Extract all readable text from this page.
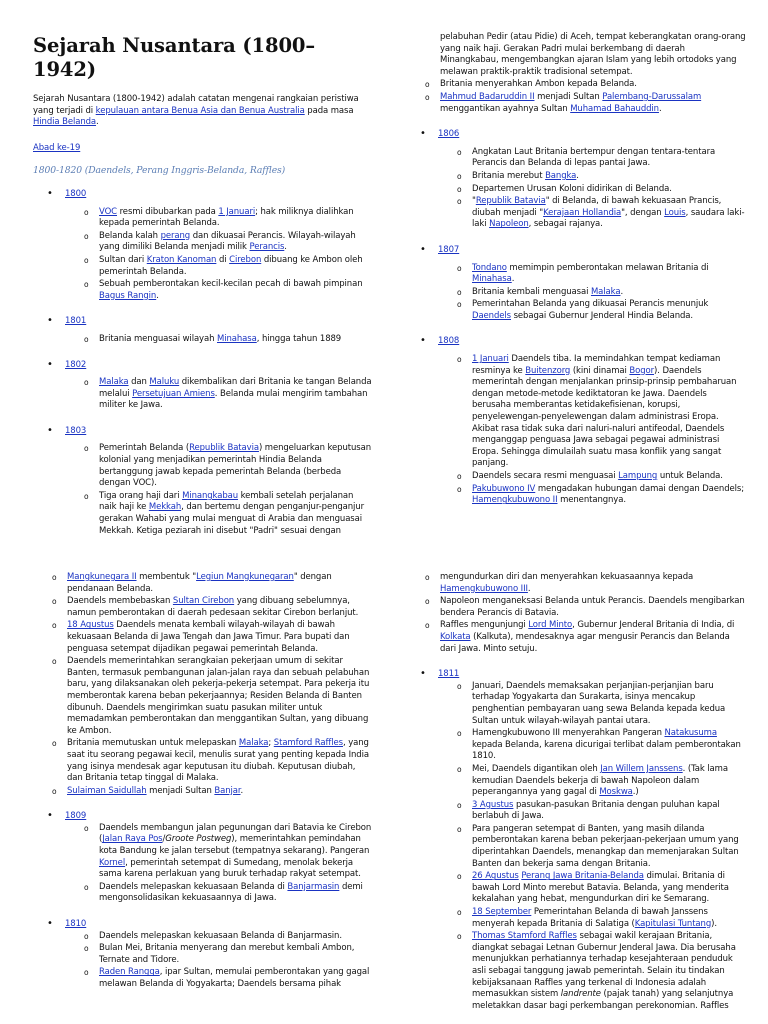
Sejarah Nusantara (1800–1942)

Sejarah Nusantara (1800-1942) adalah catatan mengenai rangkaian peristiwa yang terjadi di kepulauan antara Benua Asia dan Benua Australia pada masa Hindia Belanda.

Abad ke-19
1800-1820 (Daendels, Perang Inggris-Belanda, Raffles)
• 1800
o VOC resmi dibubarkan pada 1 Januari; hak miliknya dialihkan kepada pemerintah Belanda.
o Belanda kalah perang dan dikuasai Perancis. Wilayah-wilayah yang dimiliki Belanda menjadi milik Perancis.
o Sultan dari Kraton Kanoman di Cirebon dibuang ke Ambon oleh pemerintah Belanda.
o Sebuah pemberontakan kecil-kecilan pecah di bawah pimpinan Bagus Rangin.
• 1801
o Britania menguasai wilayah Minahasa, hingga tahun 1889
• 1802
o Malaka dan Maluku dikembalikan dari Britania ke tangan Belanda melalui Persetujuan Amiens. Belanda mulai mengirim tambahan militer ke Jawa.
• 1803
o Pemerintah Belanda (Republik Batavia) mengeluarkan keputusan kolonial yang menjadikan pemerintah Hindia Belanda bertanggung jawab kepada pemerintah Belanda (berbeda dengan VOC).
o Tiga orang haji dari Minangkabau kembali setelah perjalanan naik haji ke Mekkah, dan bertemu dengan penganjur-penganjur gerakan Wahabi yang mulai menguat di Arabia dan menguasai Mekkah. Ketiga peziarah ini disebut "Padri" sesuai dengan
pelabuhan Pedir (atau Pidie) di Aceh, tempat keberangkatan orang-orang yang naik haji. Gerakan Padri mulai berkembang di daerah Minangkabau, mengembangkan ajaran Islam yang lebih ortodoks yang melawan praktik-praktik tradisional setempat.
o Britania menyerahkan Ambon kepada Belanda.
o Mahmud Badaruddin II menjadi Sultan Palembang-Darussalam menggantikan ayahnya Sultan Muhamad Bahauddin.
• 1806
o Angkatan Laut Britania bertempur dengan tentara-tentara Perancis dan Belanda di lepas pantai Jawa.
o Britania merebut Bangka.
o Departemen Urusan Koloni didirikan di Belanda.
o "Republik Batavia" di Belanda, di bawah kekuasaan Prancis, diubah menjadi "Kerajaan Hollandia", dengan Louis, saudara laki-laki Napoleon, sebagai rajanya.
• 1807
o Tondano memimpin pemberontakan melawan Britania di Minahasa.
o Britania kembali menguasai Malaka.
o Pemerintahan Belanda yang dikuasai Perancis menunjuk Daendels sebagai Gubernur Jenderal Hindia Belanda.
• 1808
o 1 Januari Daendels tiba. Ia memindahkan tempat kediaman resminya ke Buitenzorg (kini dinamai Bogor). Daendels memerintah dengan menjalankan prinsip-prinsip pembaharuan dengan metode-metode kediktatoran ke Jawa. Daendels berusaha memberantas ketidakefisienan, korupsi, penyelewengan-penyelewengan dalam administrasi Eropa. Akibat rasa tidak suka dari naluri-naluri antifeodal, Daendels menganggap penguasa Jawa sebagai pegawai administrasi Eropa. Sehingga dimulailah suatu masa konflik yang sangat panjang.
o Daendels secara resmi menguasai Lampung untuk Belanda.
o Pakubuwono IV mengadakan hubungan damai dengan Daendels; Hamengkubuwono II menentangnya.
o Mangkunegara II membentuk "Legiun Mangkunegaran" dengan pendanaan Belanda.
o Daendels membebaskan Sultan Cirebon yang dibuang sebelumnya, namun pemberontakan di daerah pedesaan sekitar Cirebon berlanjut.
o 18 Agustus Daendels menata kembali wilayah-wilayah di bawah kekuasaan Belanda di Jawa Tengah dan Jawa Timur. Para bupati dan penguasa setempat dijadikan pegawai pemerintah Belanda.
o Daendels memerintahkan serangkaian pekerjaan umum di sekitar Banten, termasuk pembangunan jalan-jalan raya dan sebuah pelabuhan baru, yang dilaksanakan oleh pekerja-pekerja setempat. Para pekerja itu memberontak karena beban pekerjaannya; Residen Belanda di Banten dibunuh. Daendels mengirimkan suatu pasukan militer untuk memadamkan pemberontakan dan menggantikan Sultan, yang dibuang ke Ambon.
o Britania memutuskan untuk melepaskan Malaka; Stamford Raffles, yang saat itu seorang pegawai kecil, menulis surat yang penting kepada India yang isinya mendesak agar keputusan itu diubah. Keputusan diubah, dan Britania tetap tinggal di Malaka.
o Sulaiman Saidullah menjadi Sultan Banjar.
• 1809
o Daendels membangun jalan pegunungan dari Batavia ke Cirebon (Jalan Raya Pos/Groote Postweg), memerintahkan pemindahan kota Bandung ke jalan tersebut (tempatnya sekarang). Pangeran Kornel, pemerintah setempat di Sumedang, menolak bekerja sama karena perlakuan yang buruk terhadap rakyat setempat.
o Daendels melepaskan kekuasaan Belanda di Banjarmasin demi mengonsolidasikan kekuasaannya di Jawa.
• 1810
o Daendels melepaskan kekuasaan Belanda di Banjarmasin.
o Bulan Mei, Britania menyerang dan merebut kembali Ambon, Ternate and Tidore.
o Raden Rangga, ipar Sultan, memulai pemberontakan yang gagal melawan Belanda di Yogyakarta; Daendels bersama pihak
o mengundurkan diri dan menyerahkan kekuasaannya kepada Hamengkubuwono III.
o Napoleon menganeksasi Belanda untuk Perancis. Daendels mengibarkan bendera Perancis di Batavia.
o Raffles mengunjungi Lord Minto, Gubernur Jenderal Britania di India, di Kolkata (Kalkuta), mendesaknya agar mengusir Perancis dan Belanda dari Jawa. Minto setuju.
• 1811
o Januari, Daendels memaksakan perjanjian-perjanjian baru terhadap Yogyakarta dan Surakarta, isinya mencakup penghentian pembayaran uang sewa Belanda kepada kedua Sultan untuk wilayah-wilayah pantai utara.
o Hamengkubuwono III menyerahkan Pangeran Natakusuma kepada Belanda, karena dicurigai terlibat dalam pemberontakan 1810.
o Mei, Daendels digantikan oleh Jan Willem Janssens. (Tak lama kemudian Daendels bekerja di bawah Napoleon dalam peperangannya yang gagal di Moskwa.)
o 3 Agustus pasukan-pasukan Britania dengan puluhan kapal berlabuh di Jawa.
o Para pangeran setempat di Banten, yang masih dilanda pemberontakan karena beban pekerjaan-pekerjaan umum yang diperintahkan Daendels, menangkap dan memenjarakan Sultan Banten dan bekerja sama dengan Britania.
o 26 Agustus Perang Jawa Britania-Belanda dimulai. Britania di bawah Lord Minto merebut Batavia. Belanda, yang menderita kekalahan yang hebat, mengundurkan diri ke Semarang.
o 18 September Pemerintahan Belanda di bawah Janssens menyerah kepada Britania di Salatiga (Kapitulasi Tuntang).
o Thomas Stamford Raffles sebagai wakil kerajaan Britania, diangkat sebagai Letnan Gubernur Jenderal Jawa. Dia berusaha menunjukkan perhatiannya terhadap kesejahteraan penduduk asli sebagai tanggung jawab pemerintah. Selain itu tindakan kebijaksanaan Raffles yang terkenal di Indonesia adalah memasukkan sistem landrente (pajak tanah) yang selanjutnya meletakkan dasar bagi perkembangan perekonomian. Raffles
